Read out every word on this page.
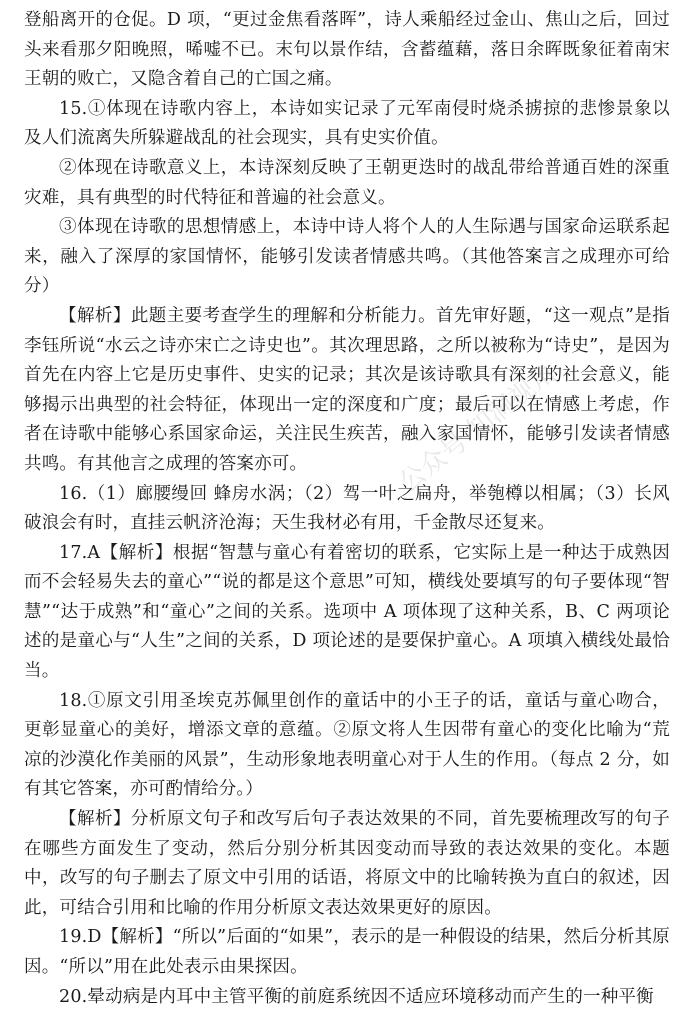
登船离开的仓促。D 项，“更过金焦看落晖”，诗人乘船经过金山、焦山之后，回过头来看那夕阳晚照，唏嘘不已。末句以景作结，含蓄蕴藉，落日余晖既象征着南宋王朝的败亡，又隐含着自己的亡国之痛。

15.①体现在诗歌内容上，本诗如实记录了元军南侵时烧杀掳掠的悲惨景象以及人们流离失所躲避战乱的社会现实，具有史实价值。

②体现在诗歌意义上，本诗深刻反映了王朝更迭时的战乱带给普通百姓的深重灾难，具有典型的时代特征和普遍的社会意义。

③体现在诗歌的思想情感上，本诗中诗人将个人的人生际遇与国家命运联系起来，融入了深厚的家国情怀，能够引发读者情感共鸣。（其他答案言之成理亦可给分）

【解析】此题主要考查学生的理解和分析能力。首先审好题，“这一观点”是指李钰所说“水云之诗亦宋亡之诗史也”。其次理思路，之所以被称为“诗史”，是因为首先在内容上它是历史事件、史实的记录；其次是该诗歌具有深刻的社会意义，能够揭示出典型的社会特征，体现出一定的深度和广度；最后可以在情感上考虑，作者在诗歌中能够心系国家命运，关注民生疾苦，融入家国情怀，能够引发读者情感共鸣。有其他言之成理的答案亦可。

16.（1）廊腰缦回 蜂房水涡；（2）驾一叶之扁舟，举匏樽以相属；（3）长风破浪会有时，直挂云帆济沧海；天生我材必有用，千金散尽还复来。

17.A【解析】根据“智慧与童心有着密切的联系，它实际上是一种达于成熟因而不会轻易失去的童心”“说的都是这个意思”可知，横线处要填写的句子要体现“智慧”“达于成熟”和“童心”之间的关系。选项中 A 项体现了这种关系，B、C 两项论述的是童心与“人生”之间的关系，D 项论述的是要保护童心。A 项填入横线处最恰当。

18.①原文引用圣埃克苏佩里创作的童话中的小王子的话，童话与童心吻合，更彰显童心的美好，增添文章的意蕴。②原文将人生因带有童心的变化比喻为“荒凉的沙漠化作美丽的风景”，生动形象地表明童心对于人生的作用。（每点 2 分，如有其它答案，亦可酌情给分。）

【解析】分析原文句子和改写后句子表达效果的不同，首先要梳理改写的句子在哪些方面发生了变动，然后分别分析其因变动而导致的表达效果的变化。本题中，改写的句子删去了原文中引用的话语，将原文中的比喻转换为直白的叙述，因此，可结合引用和比喻的作用分析原文表达效果更好的原因。

19.D【解析】“所以”后面的“如果”，表示的是一种假设的结果，然后分析其原因。“所以”用在此处表示由果探因。

20.晕动病是内耳中主管平衡的前庭系统因不适应环境移动而产生的一种平衡

公众号·知洞视角
